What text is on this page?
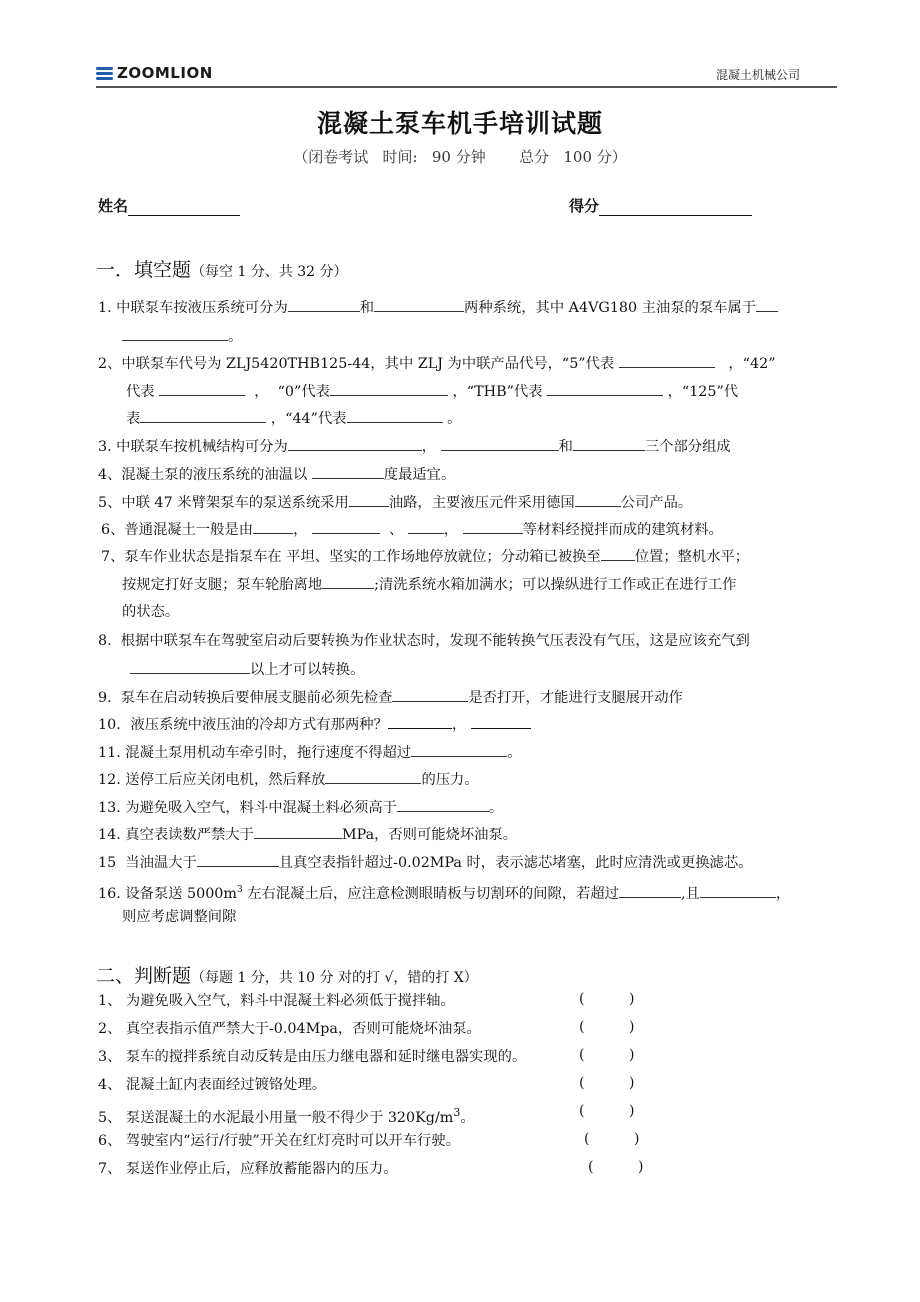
ZOOMLION	混凝土机械公司
混凝土泵车机手培训试题
（闭卷考试   时间:   90 分钟       总分   100 分）
姓名	得分
一．填空题（每空 1 分、共 32 分）
1. 中联泵车按液压系统可分为	和	两种系统，其中 A4VG180 主油泵的泵车属于
。
2、中联泵车代号为 ZLJ5420THB125-44，其中 ZLJ 为中联产品代号，“5”代表	，“42”
代表	，  “0”代表	，“THB”代表	，“125”代
表	，“44”代表	。
3. 中联泵车按机械结构可分为	，	和	三个部分组成
4、混凝土泵的液压系统的油温以	度最适宜。
5、中联 47 米臂架泵车的泵送系统采用	油路，主要液压元件采用德国	公司产品。
6、普通混凝土一般是由	，	、	，	等材料经搅拌而成的建筑材料。
7、泵车作业状态是指泵车在 平坦、坚实的工作场地停放就位；分动箱已被换至 位置；整机水平；
按规定打好支腿；泵车轮胎离地	;清洗系统水箱加满水；可以操纵进行工作或正在进行工作
的状态。
8.  根据中联泵车在驾驶室启动后要转换为作业状态时，发现不能转换气压表没有气压，这是应该充气到
以上才可以转换。
9.  泵车在启动转换后要伸展支腿前必须先检查	是否打开，才能进行支腿展开动作
10．液压系统中液压油的冷却方式有那两种？	，
11. 混凝土泵用机动车牵引时，拖行速度不得超过	。
12. 送停工后应关闭电机，然后释放	的压力。
13. 为避免吸入空气，料斗中混凝土料必须高于	。
14. 真空表读数严禁大于	MPa，否则可能烧坏油泵。
15  当油温大于	且真空表指针超过-0.02MPa 时，表示滤芯堵塞，此时应清洗或更换滤芯。
16. 设备泵送 $5000m^3$ 左右混凝土后，应注意检测眼睛板与切割环的间隙，若超过	,且	，
则应考虑调整间隙
二、判断题（每题 1 分，共 10 分 对的打 √，错的打 X）
1、 为避免吸入空气，料斗中混凝土料必须低于搅拌轴。	(          )
2、 真空表指示值严禁大于-0.04Mpa，否则可能烧坏油泵。	(          )
3、 泵车的搅拌系统自动反转是由压力继电器和延时继电器实现的。	(          )
4、 混凝土缸内表面经过镀铬处理。	(          )
5、 泵送混凝土的水泥最小用量一般不得少于 $320Kg/m^3$。	(          )
6、 驾驶室内“运行/行驶”开关在红灯亮时可以开车行驶。	(          )
7、 泵送作业停止后，应释放蓄能器内的压力。	(          )
